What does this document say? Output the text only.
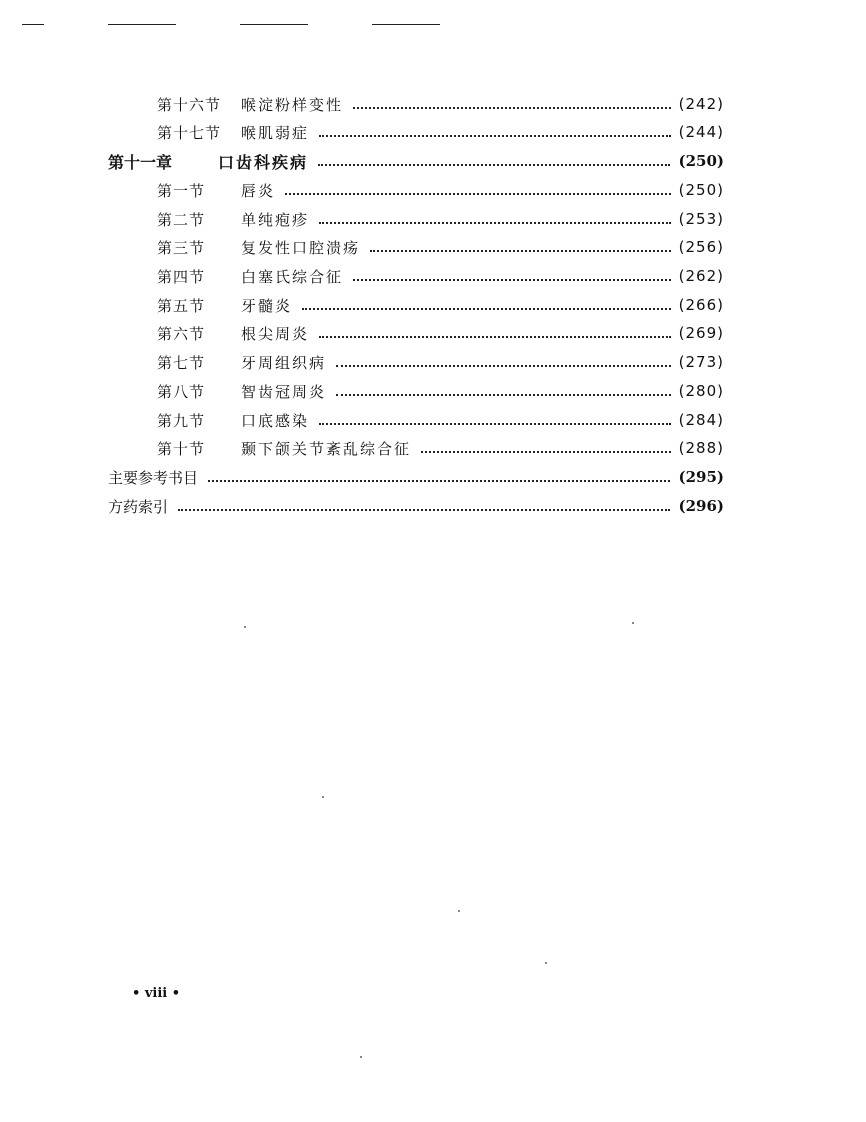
第十六节	喉淀粉样变性	(242)
第十七节	喉肌弱症	(244)
第十一章	口齿科疾病	(250)
第一节	唇炎	(250)
第二节	单纯疱疹	(253)
第三节	复发性口腔溃疡	(256)
第四节	白塞氏综合征	(262)
第五节	牙髓炎	(266)
第六节	根尖周炎	(269)
第七节	牙周组织病	(273)
第八节	智齿冠周炎	(280)
第九节	口底感染	(284)
第十节	颞下颌关节紊乱综合征	(288)
主要参考书目	(295)
方药索引	(296)
• viii •
